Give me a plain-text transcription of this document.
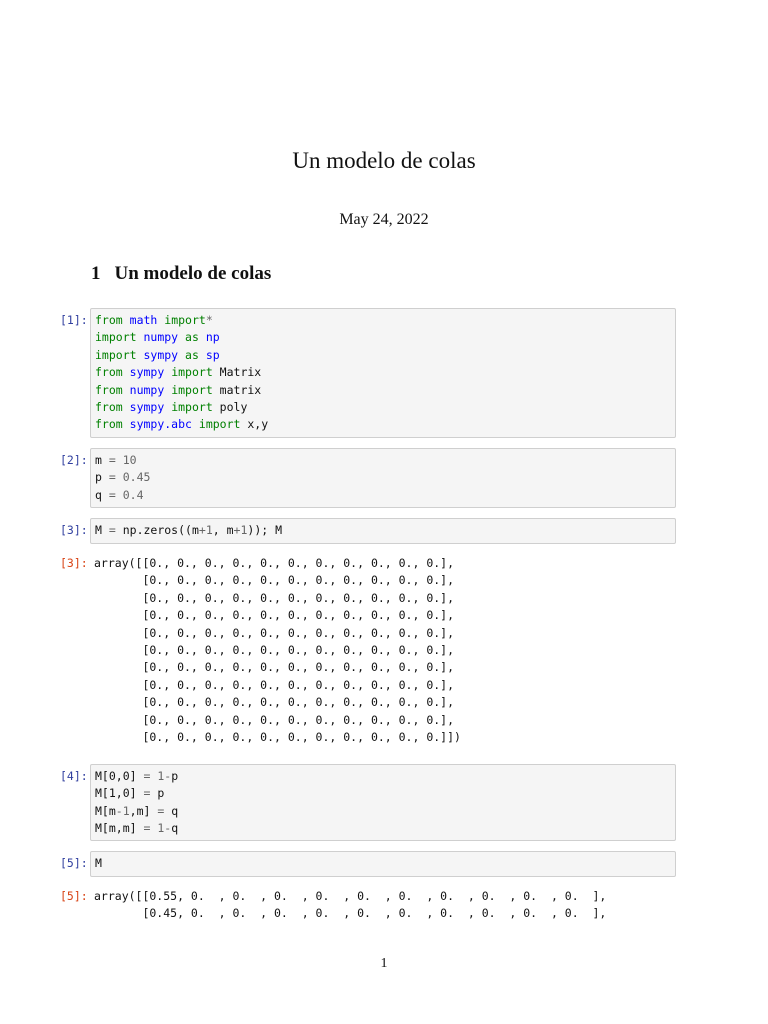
Un modelo de colas
May 24, 2022
1 Un modelo de colas
[1]: from math import*
import numpy as np
import sympy as sp
from sympy import Matrix
from numpy import matrix
from sympy import poly
from sympy.abc import x,y
[2]: m = 10
p = 0.45
q = 0.4
[3]: M = np.zeros((m+1, m+1)); M
[3]: array([[0., 0., 0., 0., 0., 0., 0., 0., 0., 0., 0.],
[0., 0., 0., 0., 0., 0., 0., 0., 0., 0., 0.],
[0., 0., 0., 0., 0., 0., 0., 0., 0., 0., 0.],
[0., 0., 0., 0., 0., 0., 0., 0., 0., 0., 0.],
[0., 0., 0., 0., 0., 0., 0., 0., 0., 0., 0.],
[0., 0., 0., 0., 0., 0., 0., 0., 0., 0., 0.],
[0., 0., 0., 0., 0., 0., 0., 0., 0., 0., 0.],
[0., 0., 0., 0., 0., 0., 0., 0., 0., 0., 0.],
[0., 0., 0., 0., 0., 0., 0., 0., 0., 0., 0.],
[0., 0., 0., 0., 0., 0., 0., 0., 0., 0., 0.],
[0., 0., 0., 0., 0., 0., 0., 0., 0., 0., 0.]])
[4]: M[0,0] = 1-p
M[1,0] = p
M[m-1,m] = q
M[m,m] = 1-q
[5]: M
[5]: array([[0.55, 0.  , 0.  , 0.  , 0.  , 0.  , 0.  , 0.  , 0.  , 0.  , 0.  ],
[0.45, 0.  , 0.  , 0.  , 0.  , 0.  , 0.  , 0.  , 0.  , 0.  , 0.  ],
1
